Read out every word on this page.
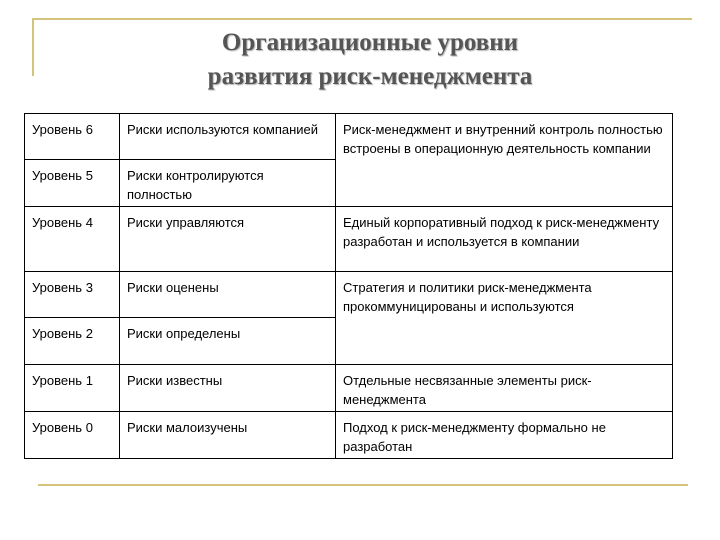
Организационные уровни
развития риск-менеджмента
Уровень 6	Риски используются компанией	Риск-менеджмент и внутренний контроль полностью встроены в операционную деятельность компании
Уровень 5	Риски контролируются полностью	
Уровень 4	Риски управляются	Единый корпоративный подход к риск-менеджменту разработан и используется в компании
Уровень 3	Риски оценены	Стратегия и политики риск-менеджмента прокоммуницированы и используются
Уровень 2	Риски определены	
Уровень 1	Риски известны	Отдельные несвязанные элементы риск-менеджмента
Уровень 0	Риски малоизучены	Подход к риск-менеджменту формально не разработан
